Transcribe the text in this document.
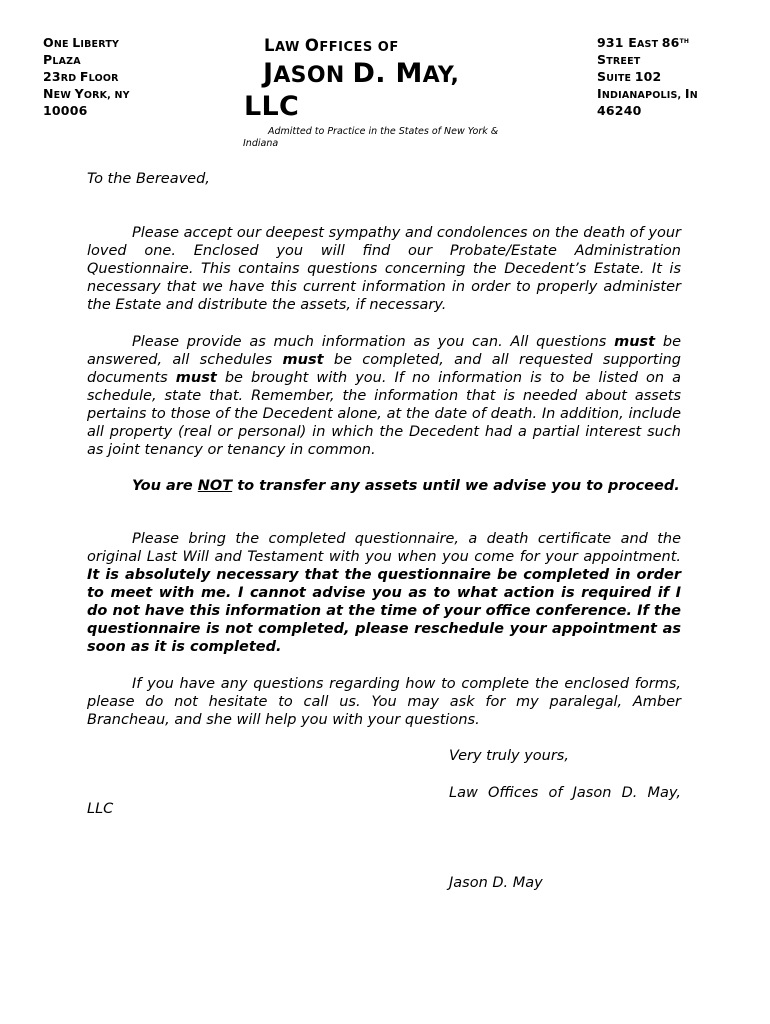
ONE LIBERTY
PLAZA
23RD FLOOR
NEW YORK, NY
10006
LAW OFFICES OF
JASON D. MAY,
LLC
Admitted to Practice in the States of New York & Indiana
931 EAST 86TH
STREET
SUITE 102
INDIANAPOLIS, IN
46240
To the Bereaved,
Please accept our deepest sympathy and condolences on the death of your loved one. Enclosed you will find our Probate/Estate Administration Questionnaire. This contains questions concerning the Decedent’s Estate. It is necessary that we have this current information in order to properly administer the Estate and distribute the assets, if necessary.
Please provide as much information as you can. All questions must be answered, all schedules must be completed, and all requested supporting documents must be brought with you. If no information is to be listed on a schedule, state that. Remember, the information that is needed about assets pertains to those of the Decedent alone, at the date of death. In addition, include all property (real or personal) in which the Decedent had a partial interest such as joint tenancy or tenancy in common.
You are NOT to transfer any assets until we advise you to proceed.
Please bring the completed questionnaire, a death certificate and the original Last Will and Testament with you when you come for your appointment. It is absolutely necessary that the questionnaire be completed in order to meet with me. I cannot advise you as to what action is required if I do not have this information at the time of your office conference. If the questionnaire is not completed, please reschedule your appointment as soon as it is completed.
If you have any questions regarding how to complete the enclosed forms, please do not hesitate to call us. You may ask for my paralegal, Amber Brancheau, and she will help you with your questions.
Very truly yours,
Law Offices of Jason D. May,
LLC
Jason D. May
